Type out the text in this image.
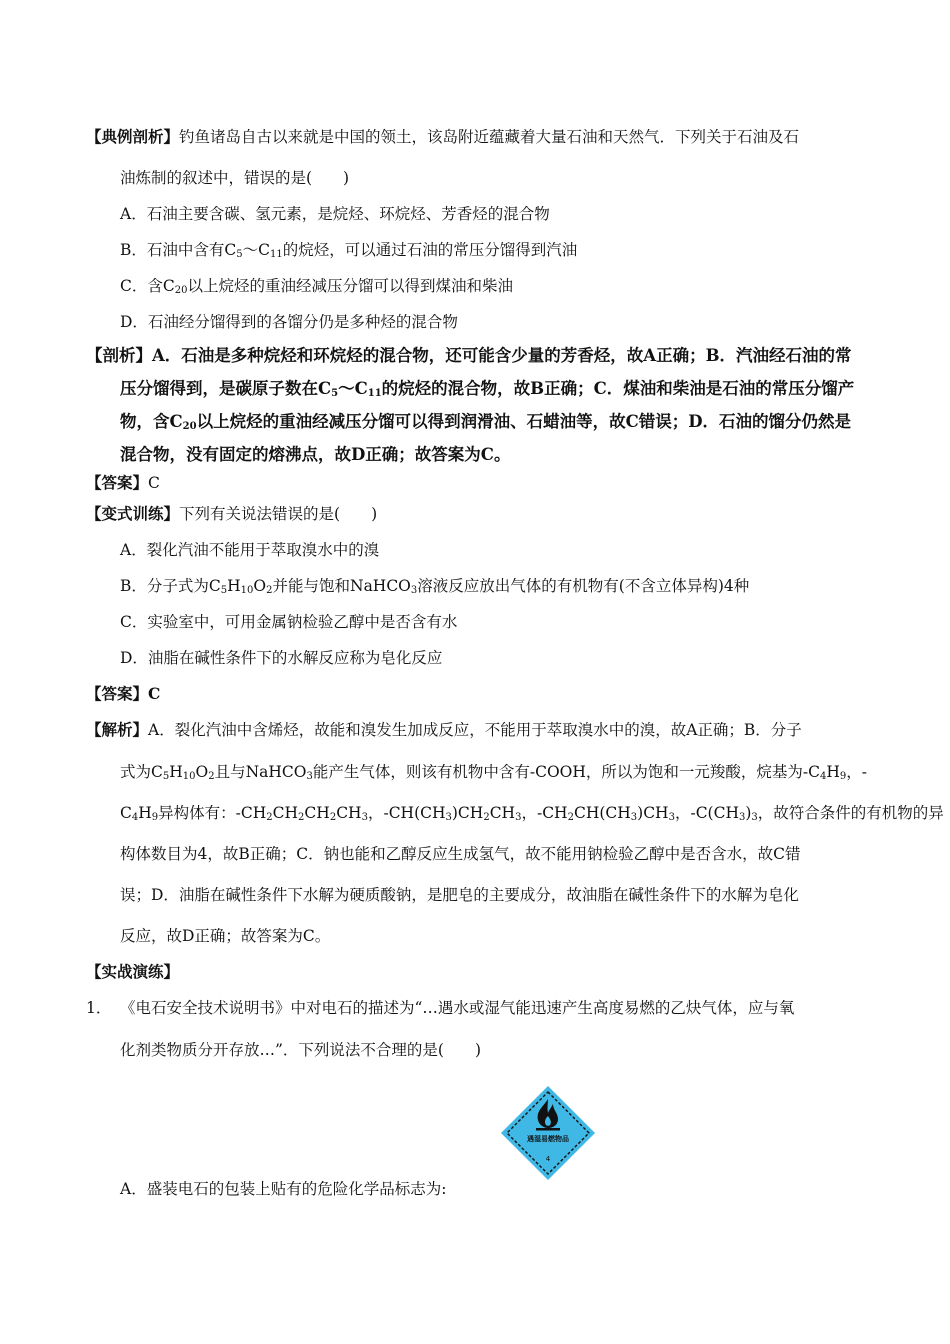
【典例剖析】钓鱼诸岛自古以来就是中国的领土，该岛附近蕴藏着大量石油和天然气．下列关于石油及石
油炼制的叙述中，错误的是(　　)
A．石油主要含碳、氢元素，是烷烃、环烷烃、芳香烃的混合物
B．石油中含有$C_5\sim C_{11}$的烷烃，可以通过石油的常压分馏得到汽油
C．含$C_{20}$以上烷烃的重油经减压分馏可以得到煤油和柴油
D．石油经分馏得到的各馏分仍是多种烃的混合物
【剖析】A．石油是多种烷烃和环烷烃的混合物，还可能含少量的芳香烃，故A正确；B．汽油经石油的常
压分馏得到，是碳原子数在$C_5\sim C_{11}$的烷烃的混合物，故B正确；C．煤油和柴油是石油的常压分馏产
物，含$C_{20}$以上烷烃的重油经减压分馏可以得到润滑油、石蜡油等，故C错误；D．石油的馏分仍然是
混合物，没有固定的熔沸点，故D正确；故答案为C。
【答案】C
【变式训练】下列有关说法错误的是(　　)
A．裂化汽油不能用于萃取溴水中的溴
B．分子式为$C_5H_{10}O_2$并能与饱和NaHCO$_3$溶液反应放出气体的有机物有(不含立体异构)4种
C．实验室中，可用金属钠检验乙醇中是否含有水
D．油脂在碱性条件下的水解反应称为皂化反应
【答案】C
【解析】A．裂化汽油中含烯烃，故能和溴发生加成反应，不能用于萃取溴水中的溴，故A正确；B．分子
式为$C_5H_{10}O_2$且与NaHCO$_3$能产生气体，则该有机物中含有-COOH，所以为饱和一元羧酸，烷基为$-C_4H_9$，-
$C_4H_9$异构体有：$-CH_2CH_2CH_2CH_3$，$-CH(CH_3)CH_2CH_3$，$-CH_2CH(CH_3)CH_3$，$-C(CH_3)_3$，故符合条件的有机物的异
构体数目为4，故B正确；C．钠也能和乙醇反应生成氢气，故不能用钠检验乙醇中是否含水，故C错
误；D．油脂在碱性条件下水解为硬质酸钠，是肥皂的主要成分，故油脂在碱性条件下的水解为皂化
反应，故D正确；故答案为C。
【实战演练】
1． 《电石安全技术说明书》中对电石的描述为“…遇水或湿气能迅速产生高度易燃的乙炔气体，应与氧
化剂类物质分开存放…”．下列说法不合理的是(　　)
遇湿易燃物品
4
A．盛装电石的包装上贴有的危险化学品标志为:
